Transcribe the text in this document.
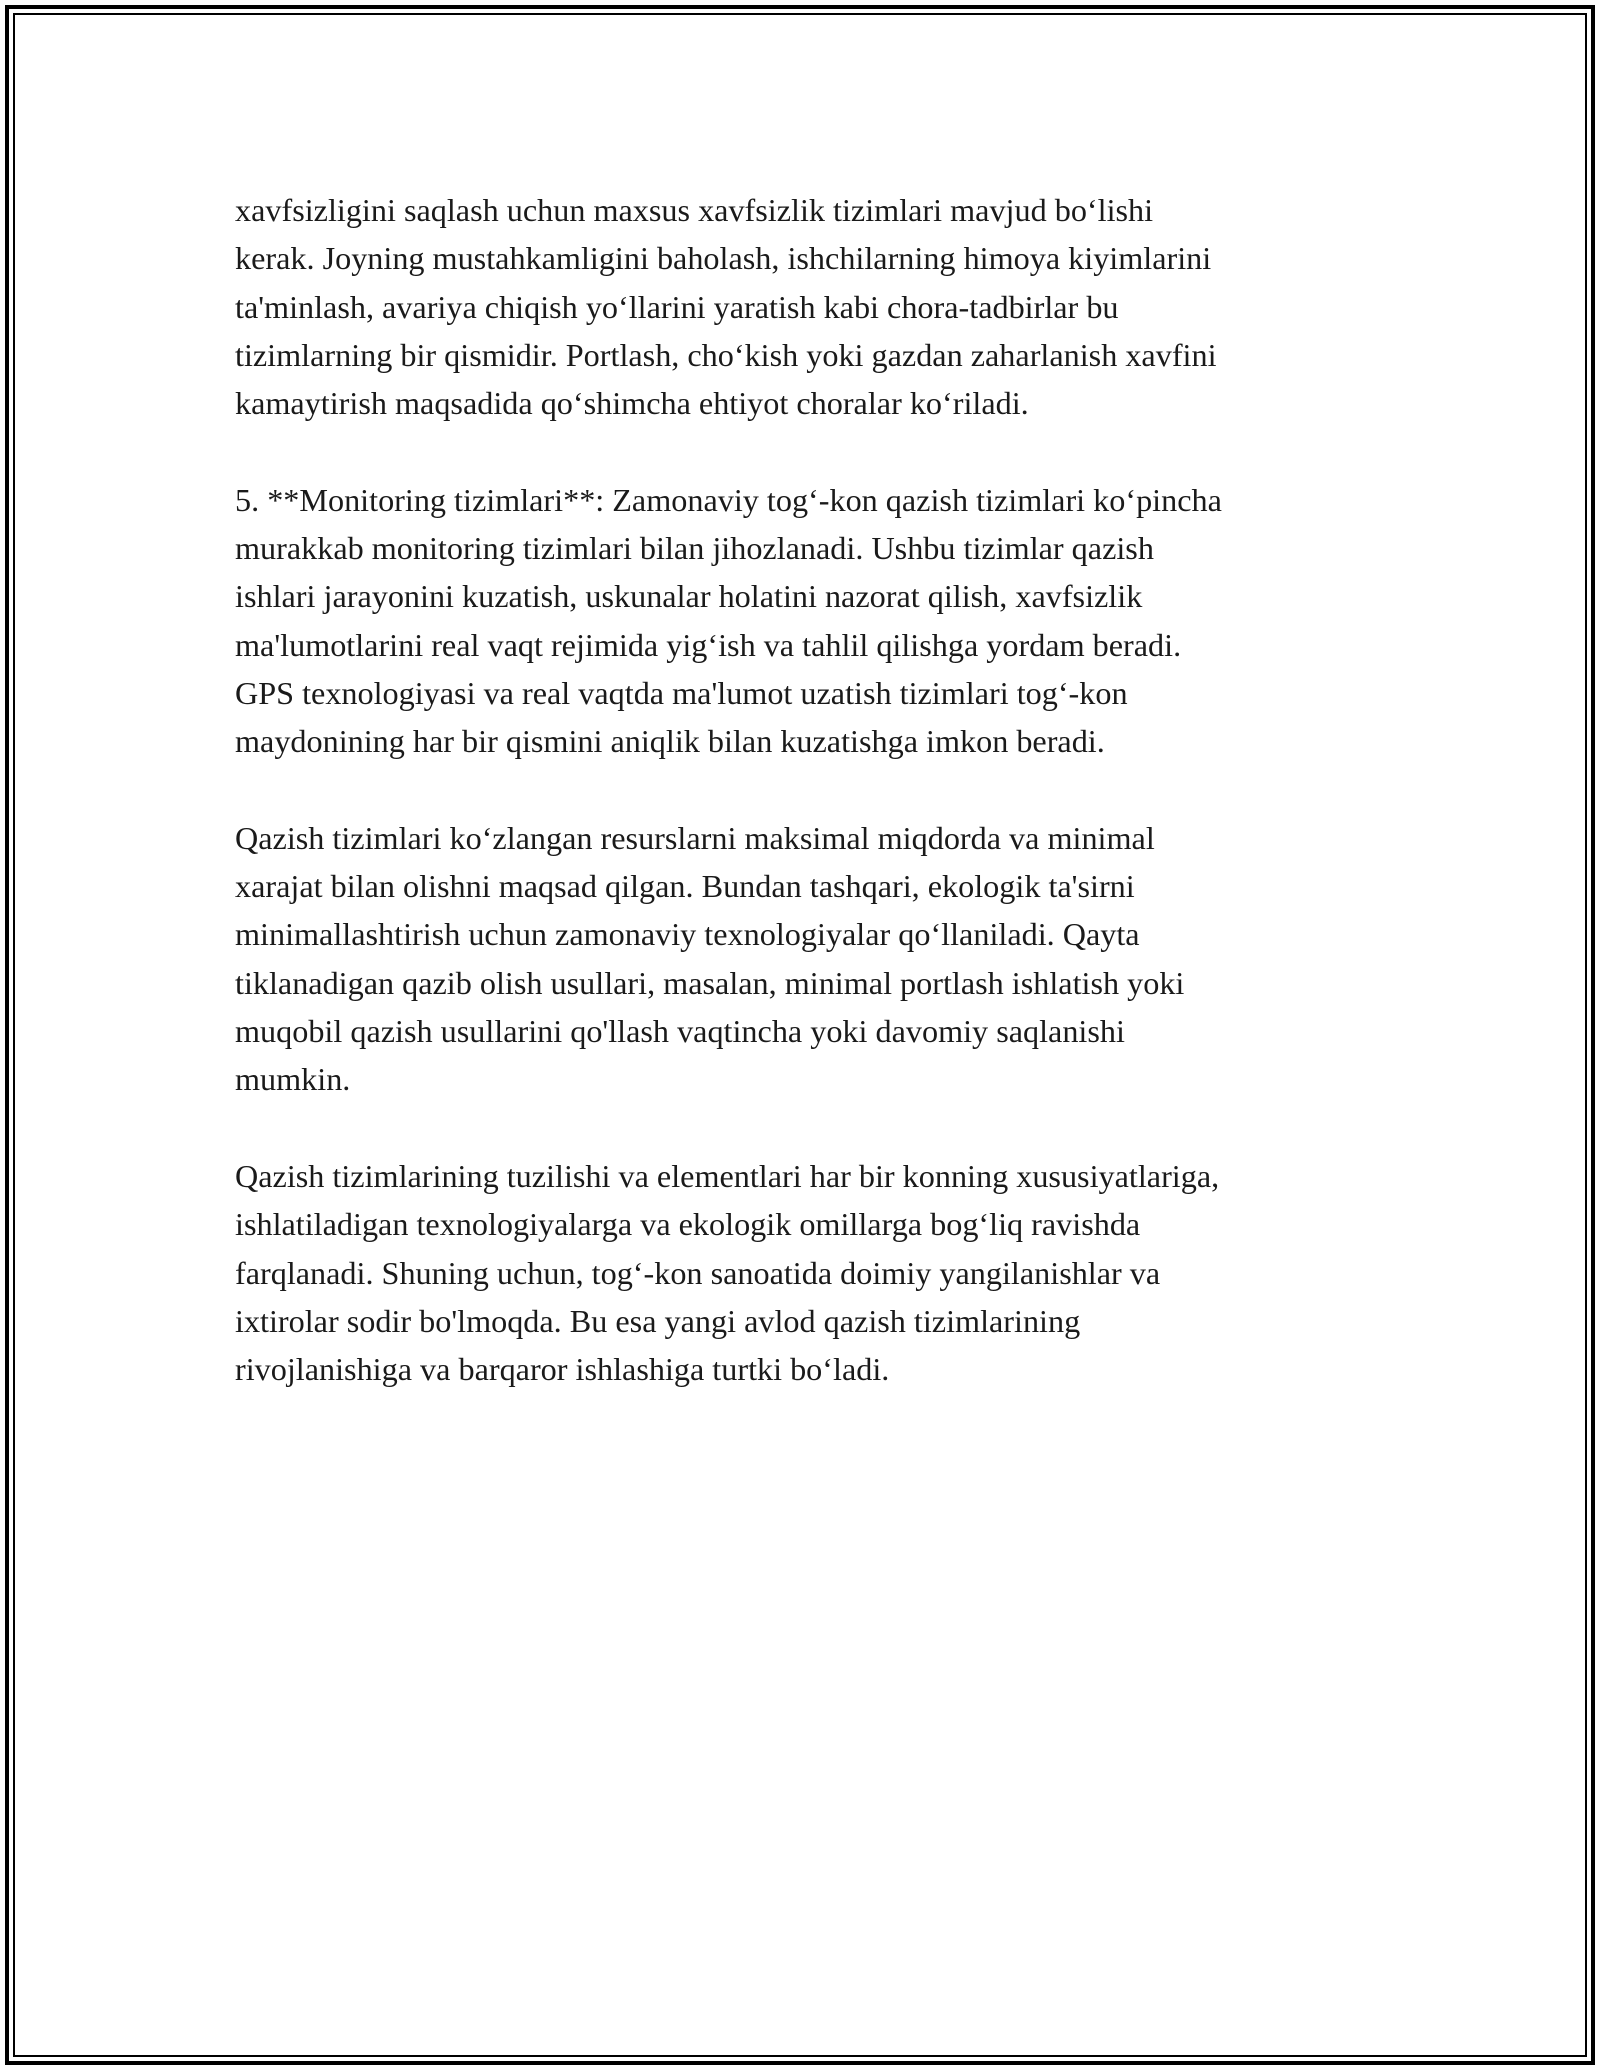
xavfsizligini saqlash uchun maxsus xavfsizlik tizimlari mavjud bo‘lishi
kerak. Joyning mustahkamligini baholash, ishchilarning himoya kiyimlarini
ta'minlash, avariya chiqish yo‘llarini yaratish kabi chora-tadbirlar bu
tizimlarning bir qismidir. Portlash, cho‘kish yoki gazdan zaharlanish xavfini
kamaytirish maqsadida qo‘shimcha ehtiyot choralar ko‘riladi.

5. **Monitoring tizimlari**: Zamonaviy tog‘-kon qazish tizimlari ko‘pincha
murakkab monitoring tizimlari bilan jihozlanadi. Ushbu tizimlar qazish
ishlari jarayonini kuzatish, uskunalar holatini nazorat qilish, xavfsizlik
ma'lumotlarini real vaqt rejimida yig‘ish va tahlil qilishga yordam beradi.
GPS texnologiyasi va real vaqtda ma'lumot uzatish tizimlari tog‘-kon
maydonining har bir qismini aniqlik bilan kuzatishga imkon beradi.

Qazish tizimlari ko‘zlangan resurslarni maksimal miqdorda va minimal
xarajat bilan olishni maqsad qilgan. Bundan tashqari, ekologik ta'sirni
minimallashtirish uchun zamonaviy texnologiyalar qo‘llaniladi. Qayta
tiklanadigan qazib olish usullari, masalan, minimal portlash ishlatish yoki
muqobil qazish usullarini qo'llash vaqtincha yoki davomiy saqlanishi
mumkin.

Qazish tizimlarining tuzilishi va elementlari har bir konning xususiyatlariga,
ishlatiladigan texnologiyalarga va ekologik omillarga bog‘liq ravishda
farqlanadi. Shuning uchun, tog‘-kon sanoatida doimiy yangilanishlar va
ixtirolar sodir bo'lmoqda. Bu esa yangi avlod qazish tizimlarining
rivojlanishiga va barqaror ishlashiga turtki bo‘ladi.
